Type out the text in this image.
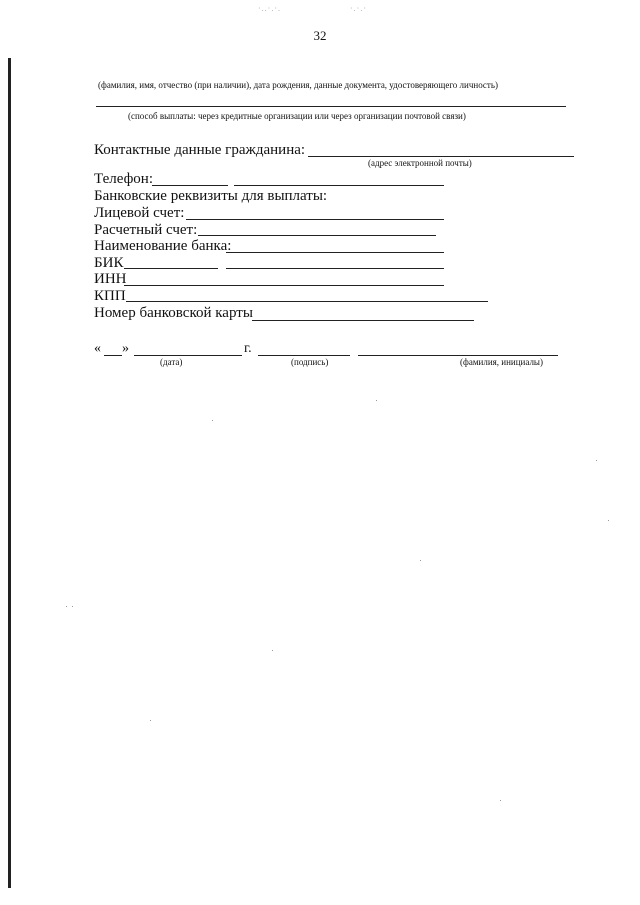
·..·.·.	·.·.·
32
(фамилия, имя, отчество (при наличии), дата рождения, данные документа, удостоверяющего личность)
(способ выплаты: через кредитные организации или через организации почтовой связи)
Контактные данные гражданина:
(адрес электронной почты)
Телефон:
Банковские реквизиты для выплаты:
Лицевой счет:
Расчетный счет:
Наименование банка:
БИК
ИНН
КПП
Номер банковской карты
« »	г.
(дата)	(подпись)	(фамилия, инициалы)
